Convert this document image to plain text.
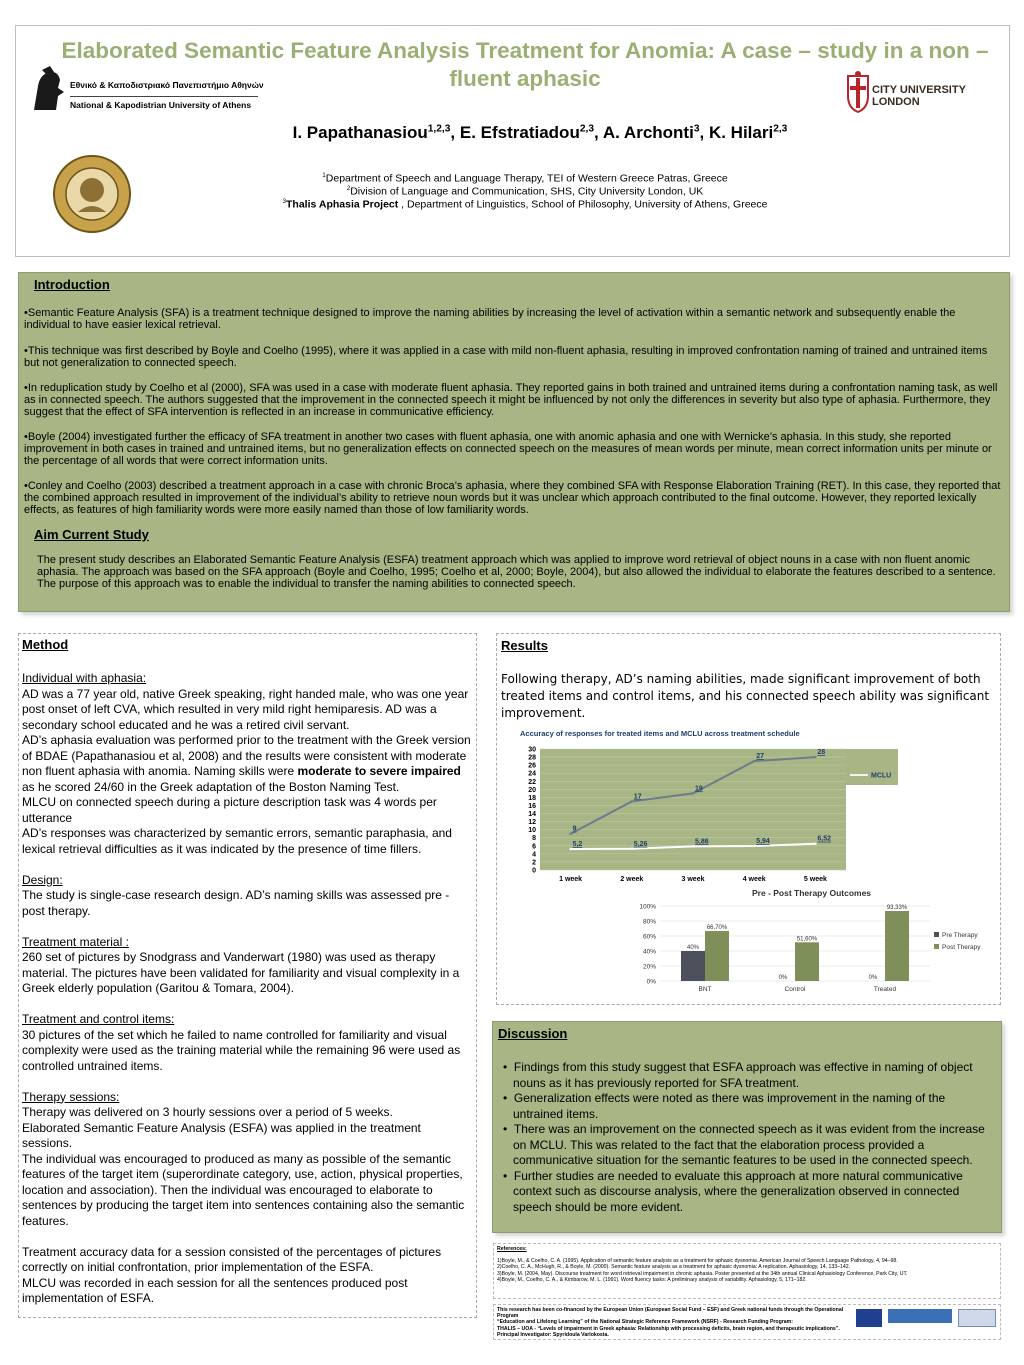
Elaborated Semantic Feature Analysis Treatment for Anomia: A case – study in a non – fluent aphasic
Εθνικό & Καποδιστριακό Πανεπιστήμιο Αθηνών
National & Kapodistrian University of Athens
CITY UNIVERSITY
LONDON
I. Papathanasiou$^{1,2,3}$, E. Efstratiadou$^{2,3}$, A. Archonti$^3$, K. Hilari$^{2,3}$
$^1$Department of Speech and Language Therapy, TEI of Western Greece Patras, Greece
$^2$Division of Language and Communication, SHS, City University London, UK
$^3$Thalis Aphasia Project , Department of Linguistics, School of Philosophy, University of Athens, Greece
Introduction
•Semantic Feature Analysis (SFA) is a treatment technique designed to improve the naming abilities by increasing the level of activation within a semantic network and subsequently enable the individual to have easier lexical retrieval.
•This technique was first described by Boyle and Coelho (1995), where it was applied in a case with mild non-fluent aphasia, resulting in improved confrontation naming of trained and untrained items but not generalization to connected speech.
•In reduplication study by Coelho et al (2000), SFA was used in a case with moderate fluent aphasia. They reported gains in both trained and untrained items during a confrontation naming task, as well as in connected speech. The authors suggested that the improvement in the connected speech it might be influenced by not only the differences in severity but also type of aphasia. Furthermore, they suggest that the effect of SFA intervention is reflected in an increase in communicative efficiency.
•Boyle (2004) investigated further the efficacy of SFA treatment in another two cases with fluent aphasia, one with anomic aphasia and one with Wernicke’s aphasia. In this study, she reported improvement in both cases in trained and untrained items, but no generalization effects on connected speech on the measures of mean words per minute, mean correct information units per minute or the percentage of all words that were correct information units.
•Conley and Coelho (2003) described a treatment approach in a case with chronic Broca’s aphasia, where they combined SFA with Response Elaboration Training (RET). In this case, they reported that the combined approach resulted in improvement of the individual’s ability to retrieve noun words but it was unclear which approach contributed to the final outcome. However, they reported lexically effects, as features of high familiarity words were more easily named than those of low familiarity words.
Aim Current Study
The present study describes an Elaborated Semantic Feature Analysis (ESFA) treatment approach which was applied to improve word retrieval of object nouns in a case with non fluent anomic aphasia. The approach was based on the SFA approach (Boyle and Coelho, 1995; Coelho et al, 2000; Boyle, 2004), but also allowed the individual to elaborate the features described to a sentence. The purpose of this approach was to enable the individual to transfer the naming abilities to connected speech.
Method
Individual with aphasia:
AD was a 77 year old, native Greek speaking, right handed male, who was one year post onset of left CVA, which resulted in very mild right hemiparesis. AD was a secondary school educated and he was a retired civil servant.
AD’s aphasia evaluation was performed prior to the treatment with the Greek version of BDAE (Papathanasiou et al, 2008) and the results were consistent with moderate non fluent aphasia with anomia. Naming skills were moderate to severe impaired as he scored 24/60 in the Greek adaptation of the Boston Naming Test.
MLCU on connected speech during a picture description task was 4 words per utterance
AD’s responses was characterized by semantic errors, semantic paraphasia, and lexical retrieval difficulties as it was indicated by the presence of time fillers.
Design:
The study is single-case research design. AD’s naming skills was assessed pre - post therapy.
Treatment material :
260 set of pictures by Snodgrass and Vanderwart (1980) was used as therapy material. The pictures have been validated for familiarity and visual complexity in a Greek elderly population (Garitou & Tomara, 2004).
Treatment and control items:
30 pictures of the set which he failed to name controlled for familiarity and visual complexity were used as the training material while the remaining 96 were used as controlled untrained items.
Therapy sessions:
Therapy was delivered on 3 hourly sessions over a period of 5 weeks.
Elaborated Semantic Feature Analysis (ESFA) was applied in the treatment sessions.
The individual was encouraged to produced as many as possible of the semantic features of the target item (superordinate category, use, action, physical properties, location and association). Then the individual was encouraged to elaborate to sentences by producing the target item into sentences containing also the semantic features.
Treatment accuracy data for a session consisted of the percentages of pictures correctly on initial confrontation, prior implementation of the ESFA.
MLCU was recorded in each session for all the sentences produced post implementation of ESFA.
Results
Following therapy, AD’s naming abilities, made significant improvement of both treated items and control items, and his connected speech ability was significant improvement.
Accuracy of responses for treated items and MCLU across treatment schedule
0
2
4
6
8
10
12
14
16
18
20
22
24
26
28
30
1 week	2 week	3 week	4 week	5 week
9
17
19
27
28
5,2	5,26	5,86	5,94	6,52
MCLU
Pre - Post Therapy Outcomes
0%
20%
40%
60%
80%
100%
BNT
40%
66,70%
Control
0%
51,60%
Treated
0%
93,33%
Pre Therapy
Post Therapy
Discussion
•  Findings from this study suggest that ESFA approach was effective in naming of object nouns as it has previously reported for SFA treatment.
•  Generalization effects were noted as there was improvement in the naming of the untrained items.
•  There was an improvement on the connected speech as it was evident from the increase on MCLU. This was related to the fact that the elaboration process provided a communicative situation for the semantic features to be used in the connected speech.
•  Further studies are needed to evaluate this approach at more natural communicative context such as discourse analysis, where the generalization observed in connected speech should be more evident.
References:
1)Boyle, M., & Coelho, C. A. (1995). Application of semantic feature analysis as a treatment for aphasic dysnomia. American Journal of Speech Language Pathology, 4, 94–98.
2)Coelho, C. A., McHugh, R., & Boyle, M. (2000). Semantic feature analysis as a treatment for aphasic dysnomia: A replication. Aphasiology, 14, 133–142.
3)Boyle, M. (2004, May). Discourse treatment for word retrieval impairment in chronic aphasia. Poster presented at the 34th annual Clinical Aphasiology Conference, Park City, UT.
4)Boyle, M., Coelho, C. A., & Kimbarow, M. L. (1991). Word fluency tasks: A preliminary analysis of variability. Aphasiology, 5, 171–182.
This research has been co-financed by the European Union (European Social Fund – ESF) and Greek national funds through the Operational Program
“Education and Lifelong Learning” of the National Strategic Reference Framework (NSRF) - Research Funding Program:
THALIS – UOA - “Levels of impairment in Greek aphasia: Relationship with processing deficits, brain region, and therapeutic implications”.
Principal Investigator: Spyridoula Varlokosta.
